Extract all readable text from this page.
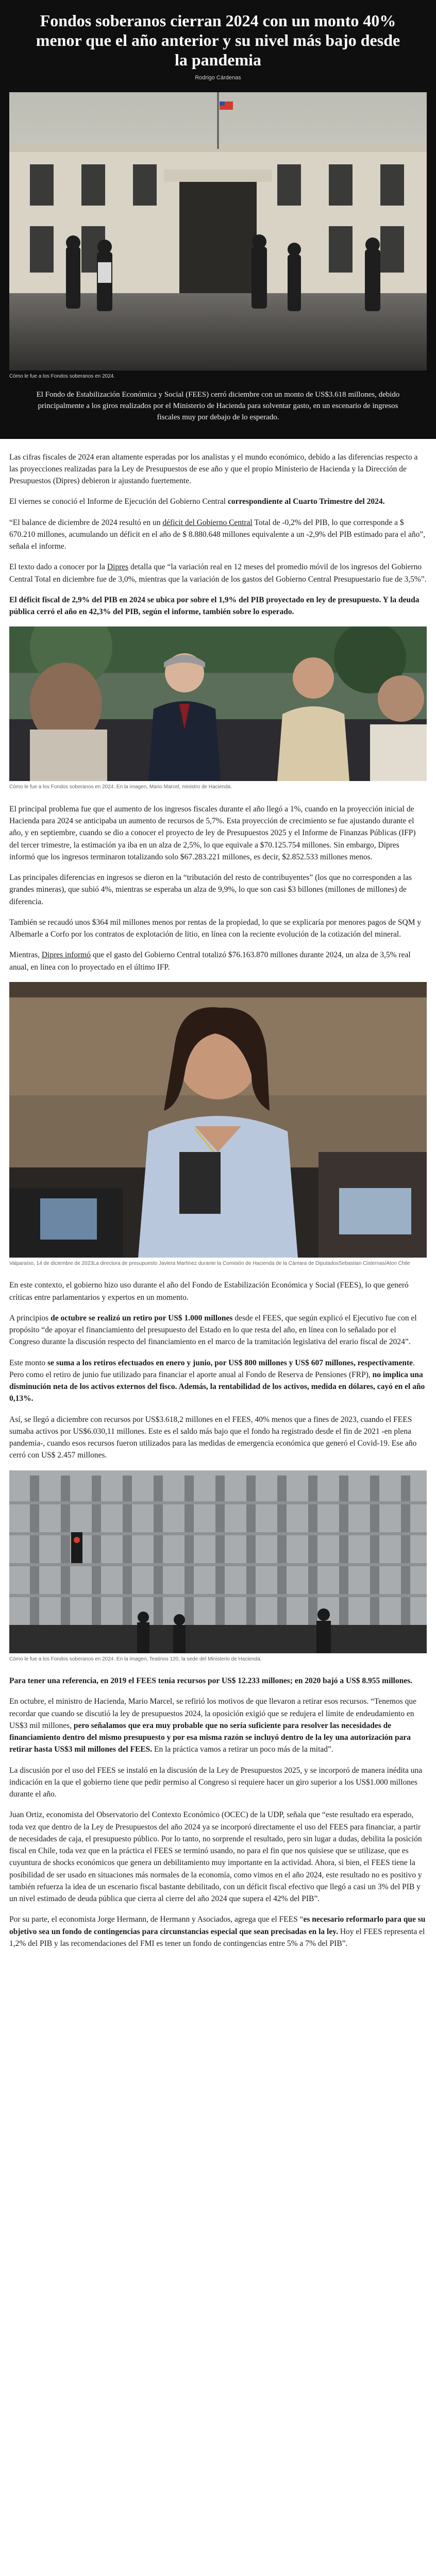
Fondos soberanos cierran 2024 con un monto 40% menor que el año anterior y su nivel más bajo desde la pandemia
Rodrigo Cárdenas
Cómo le fue a los Fondos soberanos en 2024.

El Fondo de Estabilización Económica y Social (FEES) cerró diciembre con un monto de US$3.618 millones, debido principalmente a los giros realizados por el Ministerio de Hacienda para solventar gasto, en un escenario de ingresos fiscales muy por debajo de lo esperado.

Las cifras fiscales de 2024 eran altamente esperadas por los analistas y el mundo económico, debido a las diferencias respecto a las proyecciones realizadas para la Ley de Presupuestos de ese año y que el propio Ministerio de Hacienda y la Dirección de Presupuestos (Dipres) debieron ir ajustando fuertemente.

El viernes se conoció el Informe de Ejecución del Gobierno Central correspondiente al Cuarto Trimestre del 2024.

“El balance de diciembre de 2024 resultó en un déficit del Gobierno Central Total de -0,2% del PIB, lo que corresponde a $ 670.210 millones, acumulando un déficit en el año de $ 8.880.648 millones equivalente a un -2,9% del PIB estimado para el año”, señala el informe.

El texto dado a conocer por la Dipres detalla que “la variación real en 12 meses del promedio móvil de los ingresos del Gobierno Central Total en diciembre fue de 3,0%, mientras que la variación de los gastos del Gobierno Central Presupuestario fue de 3,5%”.

El déficit fiscal de 2,9% del PIB en 2024 se ubica por sobre el 1,9% del PIB proyectado en ley de presupuesto. Y la deuda pública cerró el año en 42,3% del PIB, según el informe, también sobre lo esperado.

Cómo le fue a los Fondos soberanos en 2024. En la imagen, Mario Marcel, ministro de Hacienda.

El principal problema fue que el aumento de los ingresos fiscales durante el año llegó a 1%, cuando en la proyección inicial de Hacienda para 2024 se anticipaba un aumento de recursos de 5,7%. Esta proyección de crecimiento se fue ajustando durante el año, y en septiembre, cuando se dio a conocer el proyecto de ley de Presupuestos 2025 y el Informe de Finanzas Públicas (IFP) del tercer trimestre, la estimación ya iba en un alza de 2,5%, lo que equivale a $70.125.754 millones. Sin embargo, Dipres informó que los ingresos terminaron totalizando solo $67.283.221 millones, es decir, $2.852.533 millones menos.

Las principales diferencias en ingresos se dieron en la “tributación del resto de contribuyentes” (los que no corresponden a las grandes mineras), que subió 4%, mientras se esperaba un alza de 9,9%, lo que son casi $3 billones (millones de millones) de diferencia.

También se recaudó unos $364 mil millones menos por rentas de la propiedad, lo que se explicaría por menores pagos de SQM y Albemarle a Corfo por los contratos de explotación de litio, en línea con la reciente evolución de la cotización del mineral.

Mientras, Dipres informó que el gasto del Gobierno Central totalizó $76.163.870 millones durante 2024, un alza de 3,5% real anual, en línea con lo proyectado en el último IFP.

Valparaíso, 14 de diciembre de 2023La directora de presupuesto Javiera Martínez durante la Comisión de Hacienda de la Cámara de DiputadosSebastian Cisternas/Aton Chile

En este contexto, el gobierno hizo uso durante el año del Fondo de Estabilización Económica y Social (FEES), lo que generó críticas entre parlamentarios y expertos en un momento.

A principios de octubre se realizó un retiro por US$ 1.000 millones desde el FEES, que según explicó el Ejecutivo fue con el propósito “de apoyar el financiamiento del presupuesto del Estado en lo que resta del año, en línea con lo señalado por el Congreso durante la discusión respecto del financiamiento en el marco de la tramitación legislativa del erario fiscal de 2024”.

Este monto se suma a los retiros efectuados en enero y junio, por US$ 800 millones y US$ 607 millones, respectivamente. Pero como el retiro de junio fue utilizado para financiar el aporte anual al Fondo de Reserva de Pensiones (FRP), no implica una disminución neta de los activos externos del fisco. Además, la rentabilidad de los activos, medida en dólares, cayó en el año 0,13%.

Así, se llegó a diciembre con recursos por US$3.618,2 millones en el FEES, 40% menos que a fines de 2023, cuando el FEES sumaba activos por US$6.030,11 millones. Este es el saldo más bajo que el fondo ha registrado desde el fin de 2021 -en plena pandemia-, cuando esos recursos fueron utilizados para las medidas de emergencia económica que generó el Covid-19. Ese año cerró con US$ 2.457 millones.

Cómo le fue a los Fondos soberanos en 2024. En la imagen, Teatinos 120, la sede del Ministerio de Hacienda.

Para tener una referencia, en 2019 el FEES tenía recursos por US$ 12.233 millones; en 2020 bajó a US$ 8.955 millones.

En octubre, el ministro de Hacienda, Mario Marcel, se refirió los motivos de que llevaron a retirar esos recursos. “Tenemos que recordar que cuando se discutió la ley de presupuestos 2024, la oposición exigió que se redujera el límite de endeudamiento en US$3 mil millones, pero señalamos que era muy probable que no sería suficiente para resolver las necesidades de financiamiento dentro del mismo presupuesto y por esa misma razón se incluyó dentro de la ley una autorización para retirar hasta US$3 mil millones del FEES. En la práctica vamos a retirar un poco más de la mitad”.

La discusión por el uso del FEES se instaló en la discusión de la Ley de Presupuestos 2025, y se incorporó de manera inédita una indicación en la que el gobierno tiene que pedir permiso al Congreso si requiere hacer un giro superior a los US$1.000 millones durante el año.

Juan Ortiz, economista del Observatorio del Contexto Económico (OCEC) de la UDP, señala que “este resultado era esperado, toda vez que dentro de la Ley de Presupuestos del año 2024 ya se incorporó directamente el uso del FEES para financiar, a partir de necesidades de caja, el presupuesto público. Por lo tanto, no sorprende el resultado, pero sin lugar a dudas, debilita la posición fiscal en Chile, toda vez que en la práctica el FEES se terminó usando, no para el fin que nos quisiese que se utilizase, que es cuyuntura de shocks económicos que genera un debilitamiento muy importante en la actividad. Ahora, si bien, el FEES tiene la posibilidad de ser usado en situaciones más normales de la economía, como vimos en el año 2024, este resultado no es positivo y también refuerza la idea de un escenario fiscal bastante debilitado, con un déficit fiscal efectivo que llegó a casi un 3% del PIB y un nivel estimado de deuda pública que cierra al cierre del año 2024 que supera el 42% del PIB”.

Por su parte, el economista Jorge Hermann, de Hermann y Asociados, agrega que el FEES “es necesario reformarlo para que su objetivo sea un fondo de contingencias para circunstancias especial que sean precisadas en la ley. Hoy el FEES representa el 1,2% del PIB y las recomendaciones del FMI es tener un fondo de contingencias entre 5% a 7% del PIB”.
